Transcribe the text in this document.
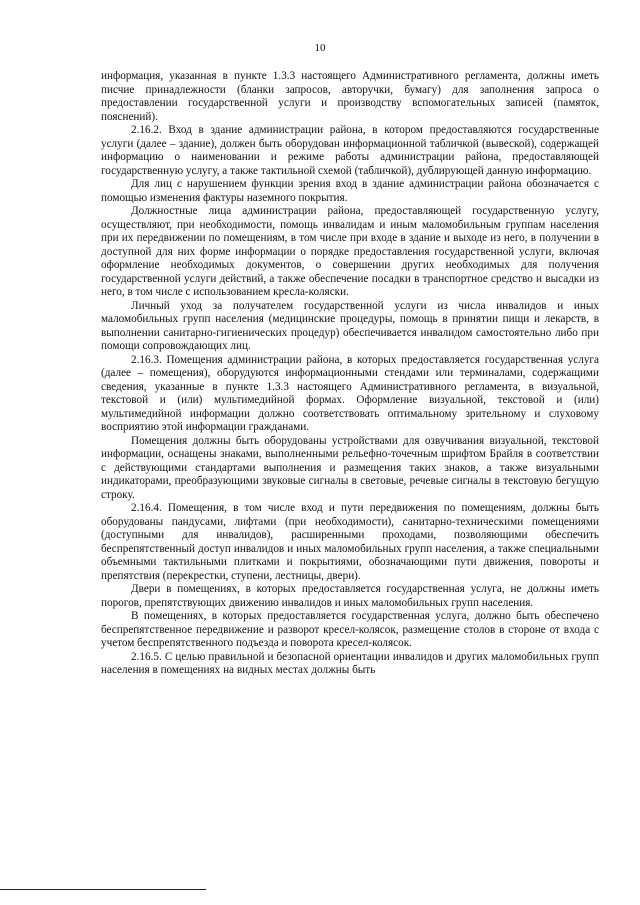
10

информация, указанная в пункте 1.3.3 настоящего Административного регламента, должны иметь писчие принадлежности (бланки запросов, авторучки, бумагу) для заполнения запроса о предоставлении государственной услуги и производству вспомогательных записей (памяток, пояснений).

2.16.2. Вход в здание администрации района, в котором предоставляются государственные услуги (далее – здание), должен быть оборудован информационной табличкой (вывеской), содержащей информацию о наименовании и режиме работы администрации района, предоставляющей государственную услугу, а также тактильной схемой (табличкой), дублирующей данную информацию.

Для лиц с нарушением функции зрения вход в здание администрации района обозначается с помощью изменения фактуры наземного покрытия.

Должностные лица администрации района, предоставляющей государственную услугу, осуществляют, при необходимости, помощь инвалидам и иным маломобильным группам населения при их передвижении по помещениям, в том числе при входе в здание и выходе из него, в получении в доступной для них форме информации о порядке предоставления государственной услуги, включая оформление необходимых документов, о совершении других необходимых для получения государственной услуги действий, а также обеспечение посадки в транспортное средство и высадки из него, в том числе с использованием кресла-коляски.

Личный уход за получателем государственной услуги из числа инвалидов и иных маломобильных групп населения (медицинские процедуры, помощь в принятии пищи и лекарств, в выполнении санитарно-гигиенических процедур) обеспечивается инвалидом самостоятельно либо при помощи сопровождающих лиц.

2.16.3. Помещения администрации района, в которых предоставляется государственная услуга (далее – помещения), оборудуются информационными стендами или терминалами, содержащими сведения, указанные в пункте 1.3.3 настоящего Административного регламента, в визуальной, текстовой и (или) мультимедийной формах. Оформление визуальной, текстовой и (или) мультимедийной информации должно соответствовать оптимальному зрительному и слуховому восприятию этой информации гражданами.

Помещения должны быть оборудованы устройствами для озвучивания визуальной, текстовой информации, оснащены знаками, выполненными рельефно-точечным шрифтом Брайля в соответствии с действующими стандартами выполнения и размещения таких знаков, а также визуальными индикаторами, преобразующими звуковые сигналы в световые, речевые сигналы в текстовую бегущую строку.

2.16.4. Помещения, в том числе вход и пути передвижения по помещениям, должны быть оборудованы пандусами, лифтами (при необходимости), санитарно-техническими помещениями (доступными для инвалидов), расширенными проходами, позволяющими обеспечить беспрепятственный доступ инвалидов и иных маломобильных групп населения, а также специальными объемными тактильными плитками и покрытиями, обозначающими пути движения, повороты и препятствия (перекрестки, ступени, лестницы, двери).

Двери в помещениях, в которых предоставляется государственная услуга, не должны иметь порогов, препятствующих движению инвалидов и иных маломобильных групп населения.

В помещениях, в которых предоставляется государственная услуга, должно быть обеспечено беспрепятственное передвижение и разворот кресел-колясок, размещение столов в стороне от входа с учетом беспрепятственного подъезда и поворота кресел-колясок.

2.16.5. С целью правильной и безопасной ориентации инвалидов и других маломобильных групп населения в помещениях на видных местах должны быть
